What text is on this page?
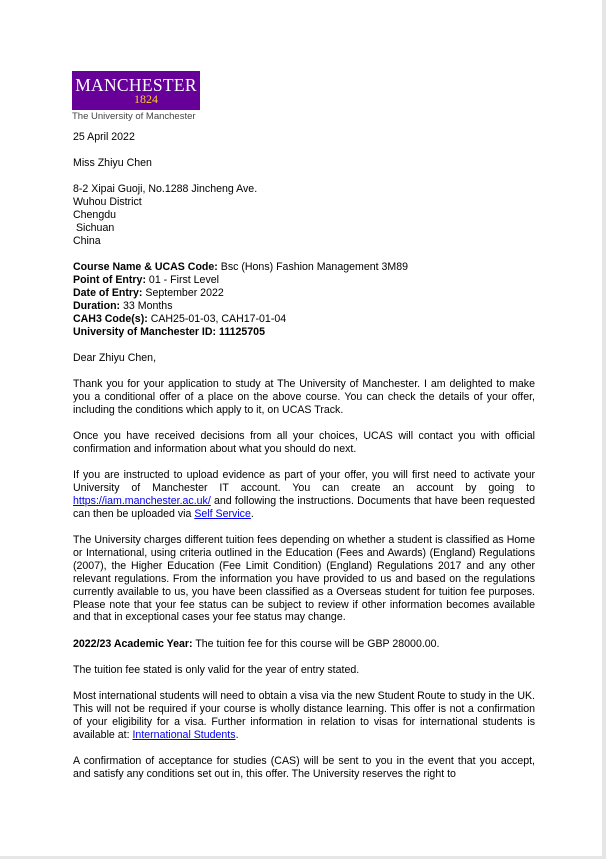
MANCHESTER
1824
The University of Manchester
25 April 2022
Miss Zhiyu Chen
8-2 Xipai Guoji, No.1288 Jincheng Ave.
Wuhou District
Chengdu
Sichuan
China
Course Name & UCAS Code: Bsc (Hons) Fashion Management 3M89
Point of Entry: 01 - First Level
Date of Entry: September 2022
Duration: 33 Months
CAH3 Code(s): CAH25-01-03, CAH17-01-04
University of Manchester ID: 11125705
Dear Zhiyu Chen,
Thank you for your application to study at The University of Manchester. I am delighted to make you a conditional offer of a place on the above course. You can check the details of your offer, including the conditions which apply to it, on UCAS Track.
Once you have received decisions from all your choices, UCAS will contact you with official confirmation and information about what you should do next.
If you are instructed to upload evidence as part of your offer, you will first need to activate your University of Manchester IT account. You can create an account by going to https://iam.manchester.ac.uk/ and following the instructions. Documents that have been requested can then be uploaded via Self Service.
The University charges different tuition fees depending on whether a student is classified as Home or International, using criteria outlined in the Education (Fees and Awards) (England) Regulations (2007), the Higher Education (Fee Limit Condition) (England) Regulations 2017 and any other relevant regulations. From the information you have provided to us and based on the regulations currently available to us, you have been classified as a Overseas student for tuition fee purposes. Please note that your fee status can be subject to review if other information becomes available and that in exceptional cases your fee status may change.
2022/23 Academic Year: The tuition fee for this course will be GBP 28000.00.
The tuition fee stated is only valid for the year of entry stated.
Most international students will need to obtain a visa via the new Student Route to study in the UK. This will not be required if your course is wholly distance learning. This offer is not a confirmation of your eligibility for a visa. Further information in relation to visas for international students is available at: International Students.
A confirmation of acceptance for studies (CAS) will be sent to you in the event that you accept, and satisfy any conditions set out in, this offer. The University reserves the right to
